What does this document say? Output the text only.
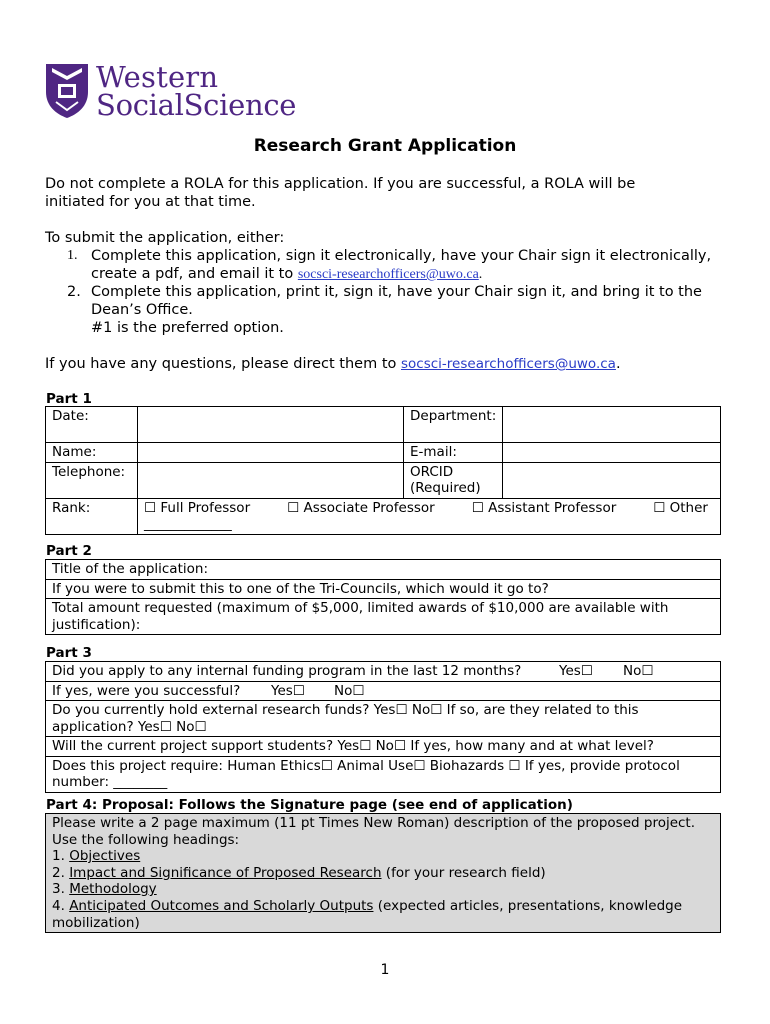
Western
SocialScience
Research Grant Application
Do not complete a ROLA for this application. If you are successful, a ROLA will be initiated for you at that time.
To submit the application, either:
1. Complete this application, sign it electronically, have your Chair sign it electronically, create a pdf, and email it to socsci-researchofficers@uwo.ca.
2. Complete this application, print it, sign it, have your Chair sign it, and bring it to the Dean’s Office.
#1 is the preferred option.
If you have any questions, please direct them to socsci-researchofficers@uwo.ca.
Part 1
Date:		Department:	
Name:		E-mail:	
Telephone:		ORCID (Required)	
Rank:	☐ Full Professor ☐ Associate Professor ☐ Assistant Professor ☐ Other
_____________		
Part 2
Title of the application:
If you were to submit this to one of the Tri-Councils, which would it go to?
Total amount requested (maximum of $5,000, limited awards of $10,000 are available with justification):
Part 3
Did you apply to any internal funding program in the last 12 months?	Yes☐ No☐
If yes, were you successful? Yes☐ No☐
Do you currently hold external research funds? Yes☐ No☐ If so, are they related to this application? Yes☐ No☐
Will the current project support students? Yes☐ No☐ If yes, how many and at what level?
Does this project require: Human Ethics☐ Animal Use☐ Biohazards ☐ If yes, provide protocol number: ________
Part 4: Proposal: Follows the Signature page (see end of application)
Please write a 2 page maximum (11 pt Times New Roman) description of the proposed project.
Use the following headings:
1. Objectives
2. Impact and Significance of Proposed Research (for your research field)
3. Methodology
4. Anticipated Outcomes and Scholarly Outputs (expected articles, presentations, knowledge mobilization)
1
